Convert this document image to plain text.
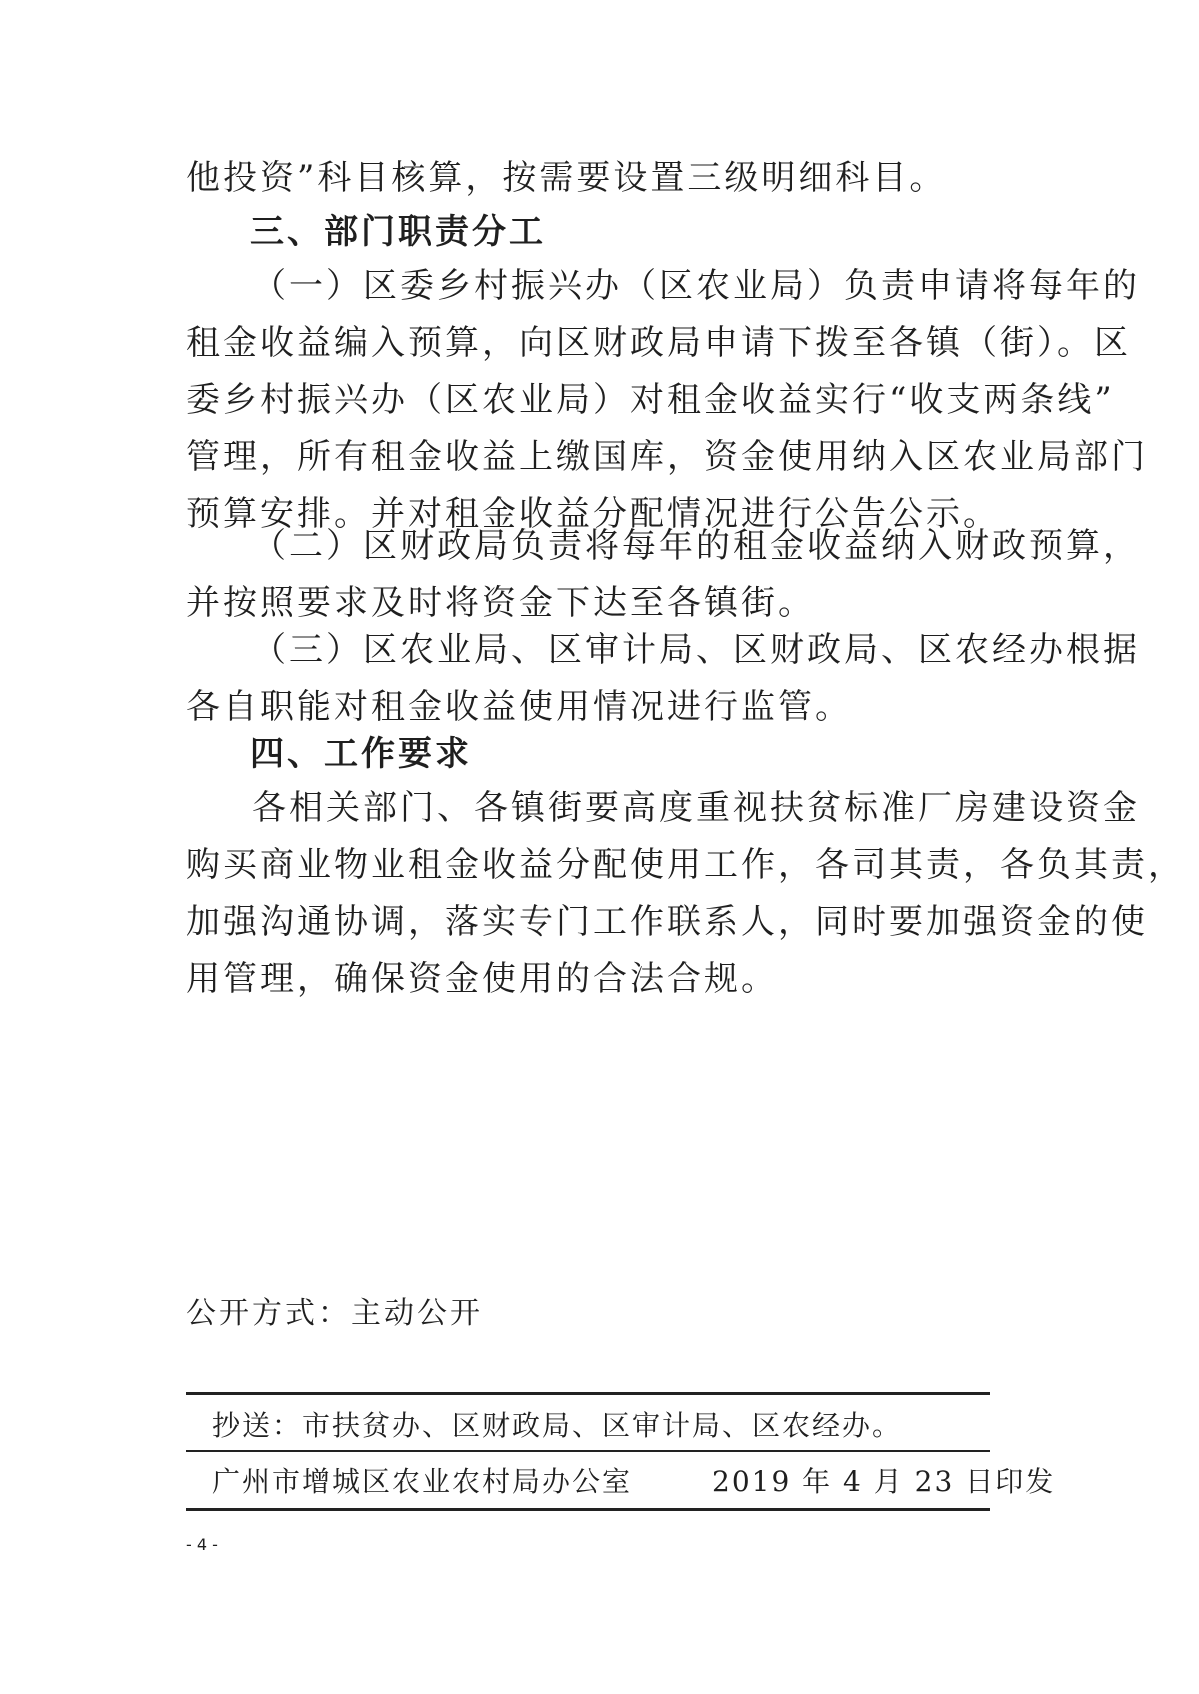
他投资”科目核算，按需要设置三级明细科目。
三、部门职责分工
（一）区委乡村振兴办（区农业局）负责申请将每年的
租金收益编入预算，向区财政局申请下拨至各镇（街）。区
委乡村振兴办（区农业局）对租金收益实行“收支两条线”
管理，所有租金收益上缴国库，资金使用纳入区农业局部门
预算安排。并对租金收益分配情况进行公告公示。
（二）区财政局负责将每年的租金收益纳入财政预算，
并按照要求及时将资金下达至各镇街。
（三）区农业局、区审计局、区财政局、区农经办根据
各自职能对租金收益使用情况进行监管。
四、工作要求
各相关部门、各镇街要高度重视扶贫标准厂房建设资金
购买商业物业租金收益分配使用工作，各司其责，各负其责，
加强沟通协调，落实专门工作联系人，同时要加强资金的使
用管理，确保资金使用的合法合规。
公开方式：主动公开
抄送：市扶贫办、区财政局、区审计局、区农经办。
广州市增城区农业农村局办公室	2019 年 4 月 23 日印发
- 4 -
